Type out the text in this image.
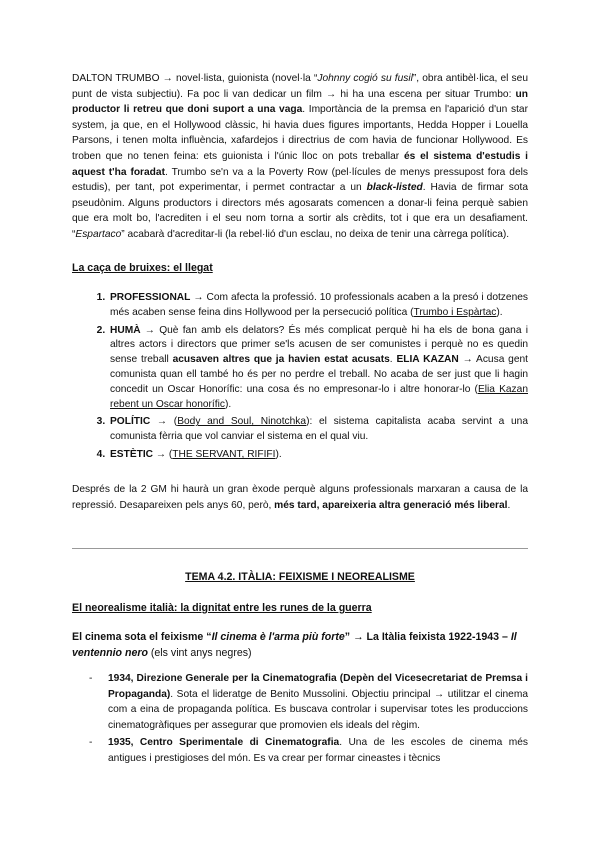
DALTON TRUMBO → novel·lista, guionista (novel·la “Johnny cogió su fusil”, obra antibèl·lica, el seu punt de vista subjectiu). Fa poc li van dedicar un film → hi ha una escena per situar Trumbo: un productor li retreu que doni suport a una vaga. Importància de la premsa en l'aparició d'un star system, ja que, en el Hollywood clàssic, hi havia dues figures importants, Hedda Hopper i Louella Parsons, i tenen molta influència, xafardejos i directrius de com havia de funcionar Hollywood. Es troben que no tenen feina: ets guionista i l'únic lloc on pots treballar és el sistema d'estudis i aquest t'ha foradat. Trumbo se'n va a la Poverty Row (pel·lícules de menys pressupost fora dels estudis), per tant, pot experimentar, i permet contractar a un black-listed. Havia de firmar sota pseudònim. Alguns productors i directors més agosarats comencen a donar-li feina perquè sabien que era molt bo, l'acrediten i el seu nom torna a sortir als crèdits, tot i que era un desafiament. “Espartaco” acabarà d'acreditar-li (la rebel·lió d'un esclau, no deixa de tenir una càrrega política).

La caça de bruixes: el llegat

1. PROFESSIONAL → Com afecta la professió. 10 professionals acaben a la presó i dotzenes més acaben sense feina dins Hollywood per la persecució política (Trumbo i Espàrtac).
2. HUMÀ → Què fan amb els delators? És més complicat perquè hi ha els de bona gana i altres actors i directors que primer se'ls acusen de ser comunistes i perquè no es quedin sense treball acusaven altres que ja havien estat acusats. ELIA KAZAN → Acusa gent comunista quan ell també ho és per no perdre el treball. No acaba de ser just que li hagin concedit un Oscar Honorífic: una cosa és no empresonar-lo i altre honorar-lo (Elia Kazan rebent un Oscar honorífic).
3. POLÍTIC → (Body and Soul, Ninotchka): el sistema capitalista acaba servint a una comunista fèrria que vol canviar el sistema en el qual viu.
4. ESTÈTIC → (THE SERVANT, RIFIFI).

Després de la 2 GM hi haurà un gran èxode perquè alguns professionals marxaran a causa de la repressió. Desapareixen pels anys 60, però, més tard, apareixeria altra generació més liberal.

TEMA 4.2. ITÀLIA: FEIXISME I NEOREALISME

El neorealisme italià: la dignitat entre les runes de la guerra

El cinema sota el feixisme “Il cinema è l'arma più forte” → La Itàlia feixista 1922-1943 – Il ventennio nero (els vint anys negres)

- 1934, Direzione Generale per la Cinematografia (Depèn del Vicesecretariat de Premsa i Propaganda). Sota el lideratge de Benito Mussolini. Objectiu principal → utilitzar el cinema com a eina de propaganda política. Es buscava controlar i supervisar totes les produccions cinematogràfiques per assegurar que promovien els ideals del règim.
- 1935, Centro Sperimentale di Cinematografia. Una de les escoles de cinema més antigues i prestigioses del món. Es va crear per formar cineastes i tècnics
